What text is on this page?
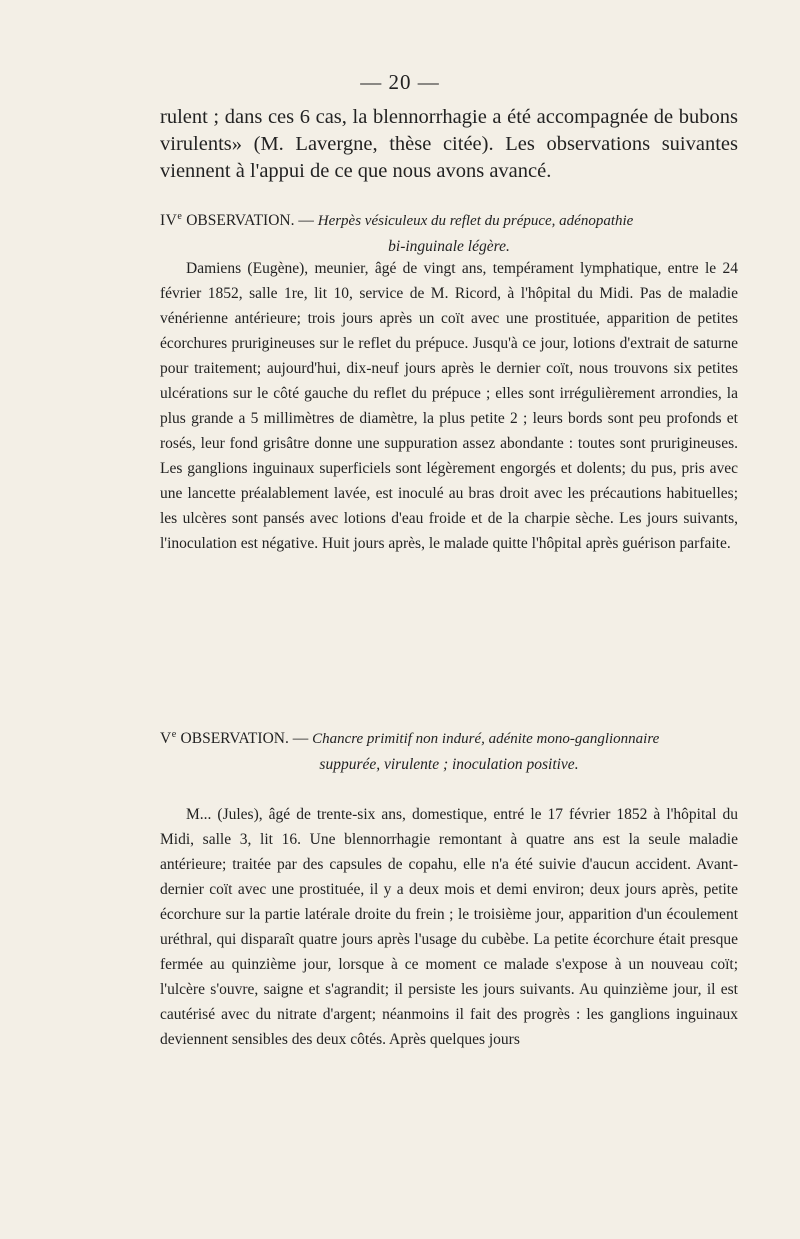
— 20 —

rulent ; dans ces 6 cas, la blennorrhagie a été accompagnée de bubons virulents» (M. Lavergne, thèse citée). Les observations suivantes viennent à l'appui de ce que nous avons avancé.

IVe OBSERVATION. — Herpès vésiculeux du reflet du prépuce, adénopathie
bi-inguinale légère.

Damiens (Eugène), meunier, âgé de vingt ans, tempérament lymphatique, entre le 24 février 1852, salle 1re, lit 10, service de M. Ricord, à l'hôpital du Midi. Pas de maladie vénérienne antérieure; trois jours après un coït avec une prostituée, apparition de petites écorchures prurigineuses sur le reflet du prépuce. Jusqu'à ce jour, lotions d'extrait de saturne pour traitement; aujourd'hui, dix-neuf jours après le dernier coït, nous trouvons six petites ulcérations sur le côté gauche du reflet du prépuce ; elles sont irrégulièrement arrondies, la plus grande a 5 millimètres de diamètre, la plus petite 2 ; leurs bords sont peu profonds et rosés, leur fond grisâtre donne une suppuration assez abondante : toutes sont prurigineuses. Les ganglions inguinaux superficiels sont légèrement engorgés et dolents; du pus, pris avec une lancette préalablement lavée, est inoculé au bras droit avec les précautions habituelles; les ulcères sont pansés avec lotions d'eau froide et de la charpie sèche. Les jours suivants, l'inoculation est négative. Huit jours après, le malade quitte l'hôpital après guérison parfaite.

Ve OBSERVATION. — Chancre primitif non induré, adénite mono-ganglionnaire
suppurée, virulente ; inoculation positive.

M... (Jules), âgé de trente-six ans, domestique, entré le 17 février 1852 à l'hôpital du Midi, salle 3, lit 16. Une blennorrhagie remontant à quatre ans est la seule maladie antérieure; traitée par des capsules de copahu, elle n'a été suivie d'aucun accident. Avant-dernier coït avec une prostituée, il y a deux mois et demi environ; deux jours après, petite écorchure sur la partie latérale droite du frein ; le troisième jour, apparition d'un écoulement uréthral, qui disparaît quatre jours après l'usage du cubèbe. La petite écorchure était presque fermée au quinzième jour, lorsque à ce moment ce malade s'expose à un nouveau coït; l'ulcère s'ouvre, saigne et s'agrandit; il persiste les jours suivants. Au quinzième jour, il est cautérisé avec du nitrate d'argent; néanmoins il fait des progrès : les ganglions inguinaux deviennent sensibles des deux côtés. Après quelques jours
